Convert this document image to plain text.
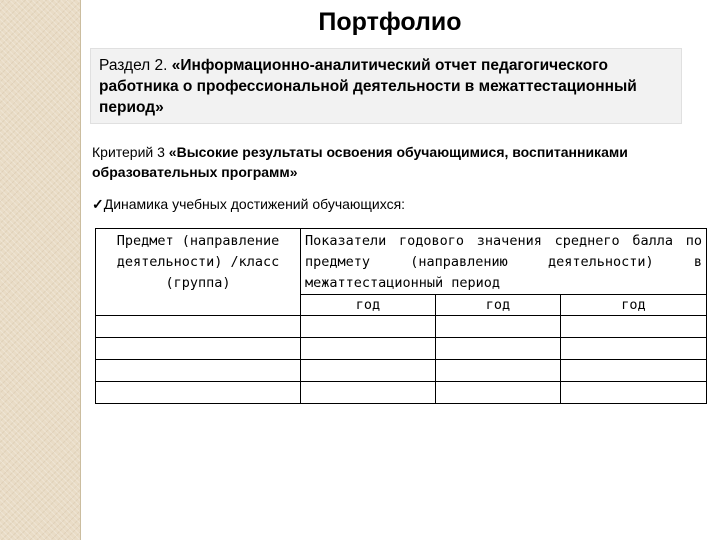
Портфолио
Раздел 2. «Информационно-аналитический отчет педагогического работника о профессиональной деятельности в межаттестационный период»
Критерий 3 «Высокие результаты освоения обучающимися, воспитанниками образовательных программ»
✓Динамика учебных достижений обучающихся:
Предмет (направление деятельности) /класс (группа)	Показатели годового значения среднего балла по предмету (направлению деятельности) в межаттестационный период		
	год	год	год
